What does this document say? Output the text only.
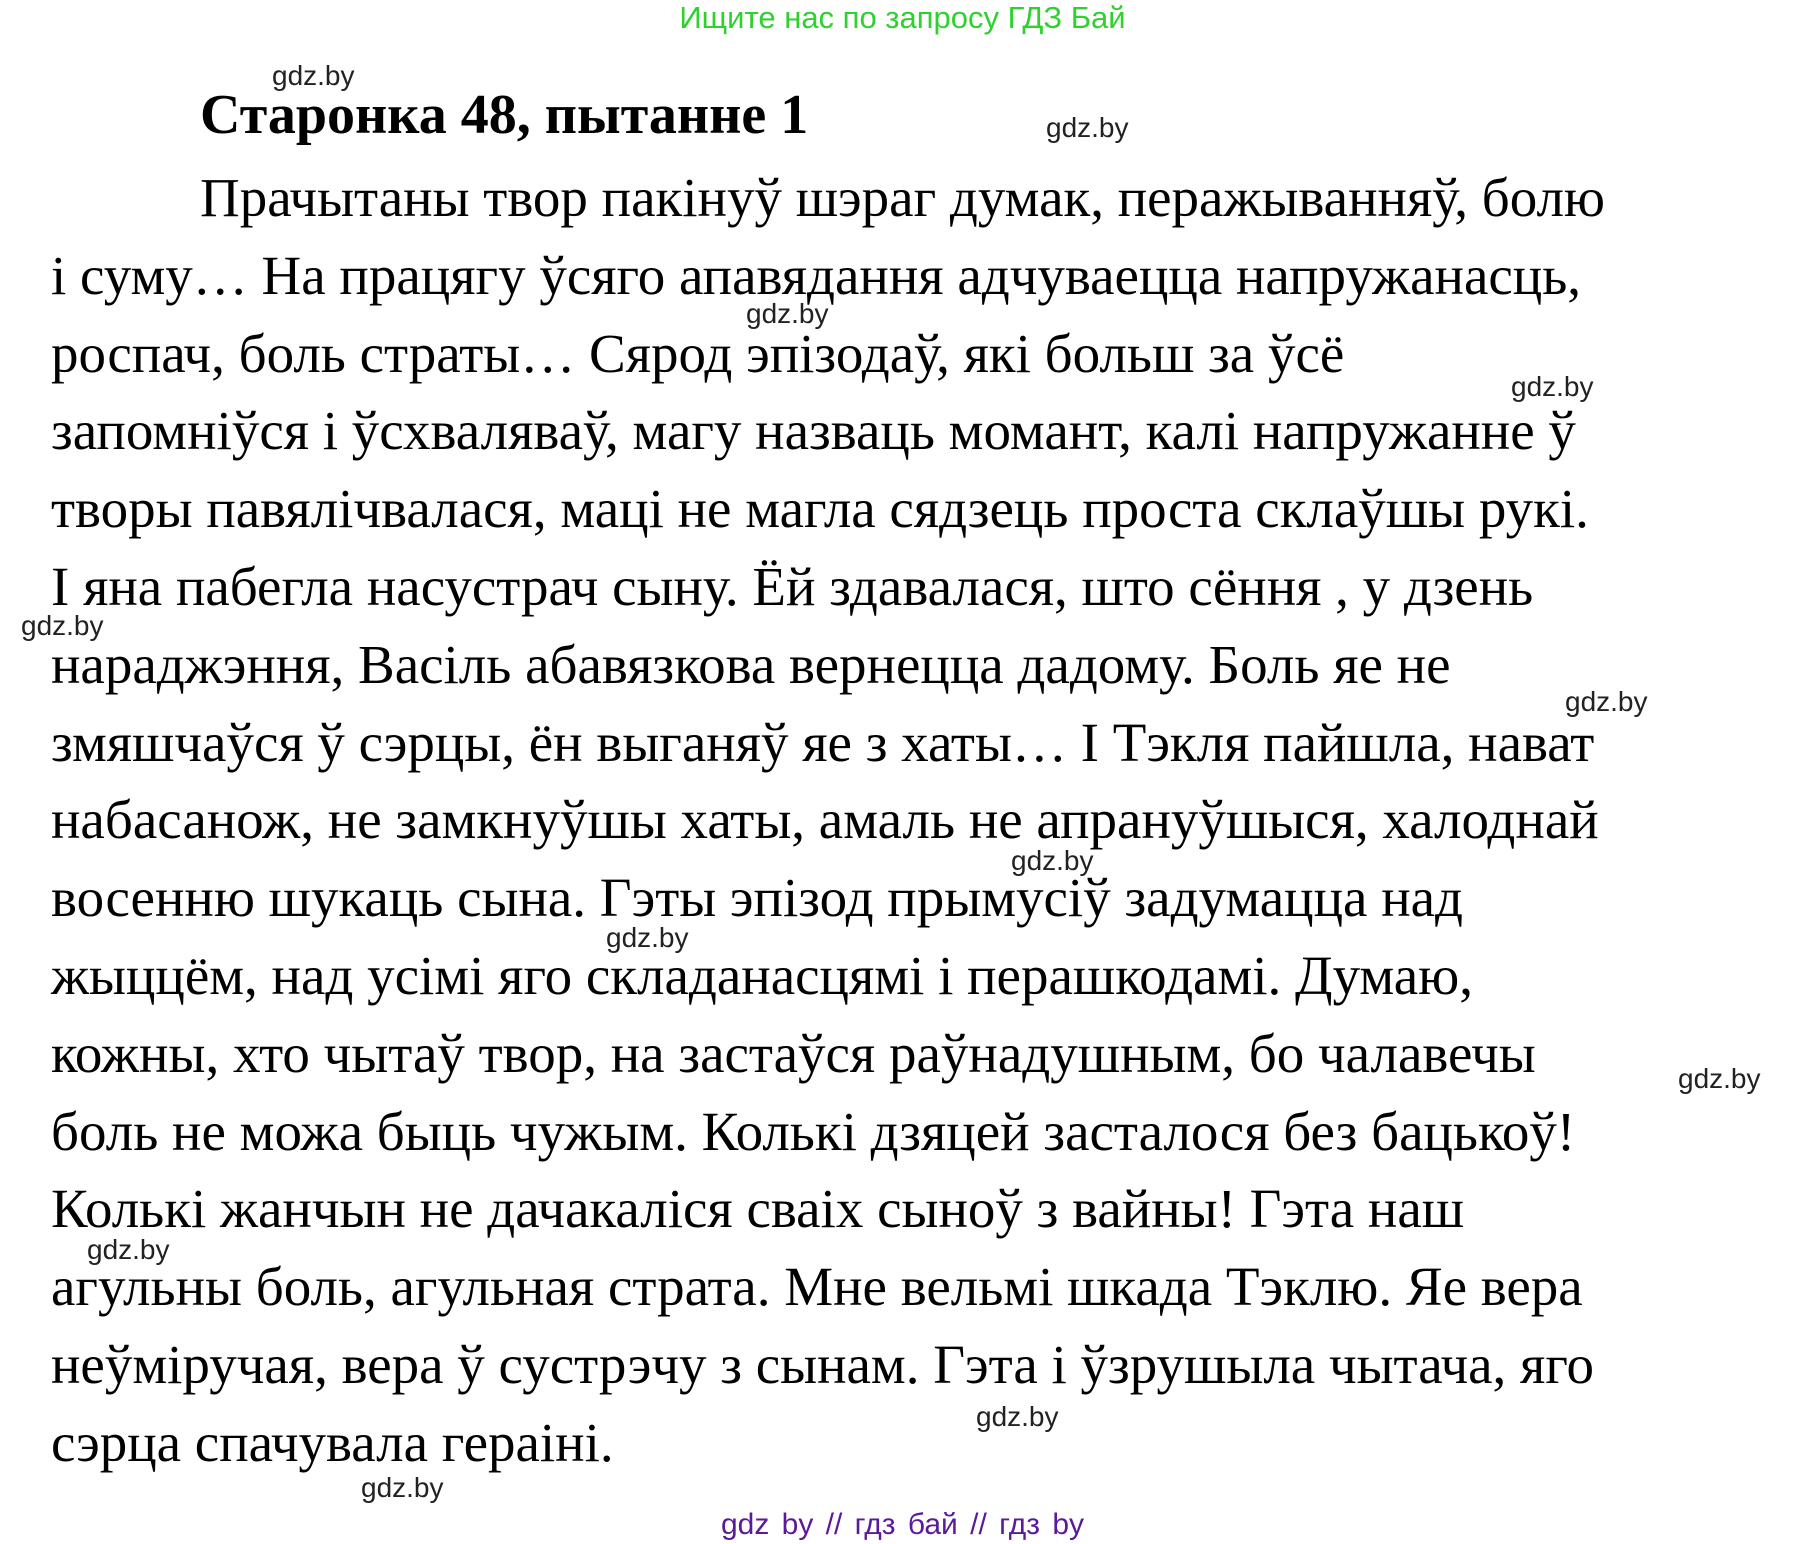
Ищите нас по запросу ГДЗ Бай
Старонка 48, пытанне 1
Прачытаны твор пакінуў шэраг думак, перажыванняў, болю
і суму… На працягу ўсяго апавядання адчуваецца напружанасць,
роспач, боль страты… Сярод эпізодаў, які больш за ўсё
запомніўся і ўсхваляваў, магу назваць момант, калі напружанне ў
творы павялічвалася, маці не магла сядзець проста склаўшы рукі.
І яна пабегла насустрач сыну. Ёй здавалася, што сёння , у дзень
нараджэння, Васіль абавязкова вернецца дадому. Боль яе не
змяшчаўся ў сэрцы, ён выганяў яе з хаты… І Тэкля пайшла, нават
набасанож, не замкнуўшы хаты, амаль не апрануўшыся, халоднай
восенню шукаць сына. Гэты эпізод прымусіў задумацца над
жыццём, над усімі яго складанасцямі і перашкодамі. Думаю,
кожны, хто чытаў твор, на застаўся раўнадушным, бо чалавечы
боль не можа быць чужым. Колькі дзяцей засталося без бацькоў!
Колькі жанчын не дачакаліся сваіх сыноў з вайны! Гэта наш
агульны боль, агульная страта. Мне вельмі шкада Тэклю. Яе вера
неўміручая, вера ў сустрэчу з сынам. Гэта і ўзрушыла чытача, яго
сэрца спачувала гераіні.
gdz.by
gdz.by
gdz.by
gdz.by
gdz.by
gdz.by
gdz.by
gdz.by
gdz.by
gdz.by
gdz.by
gdz.by
gdz by // гдз бай // гдз by
